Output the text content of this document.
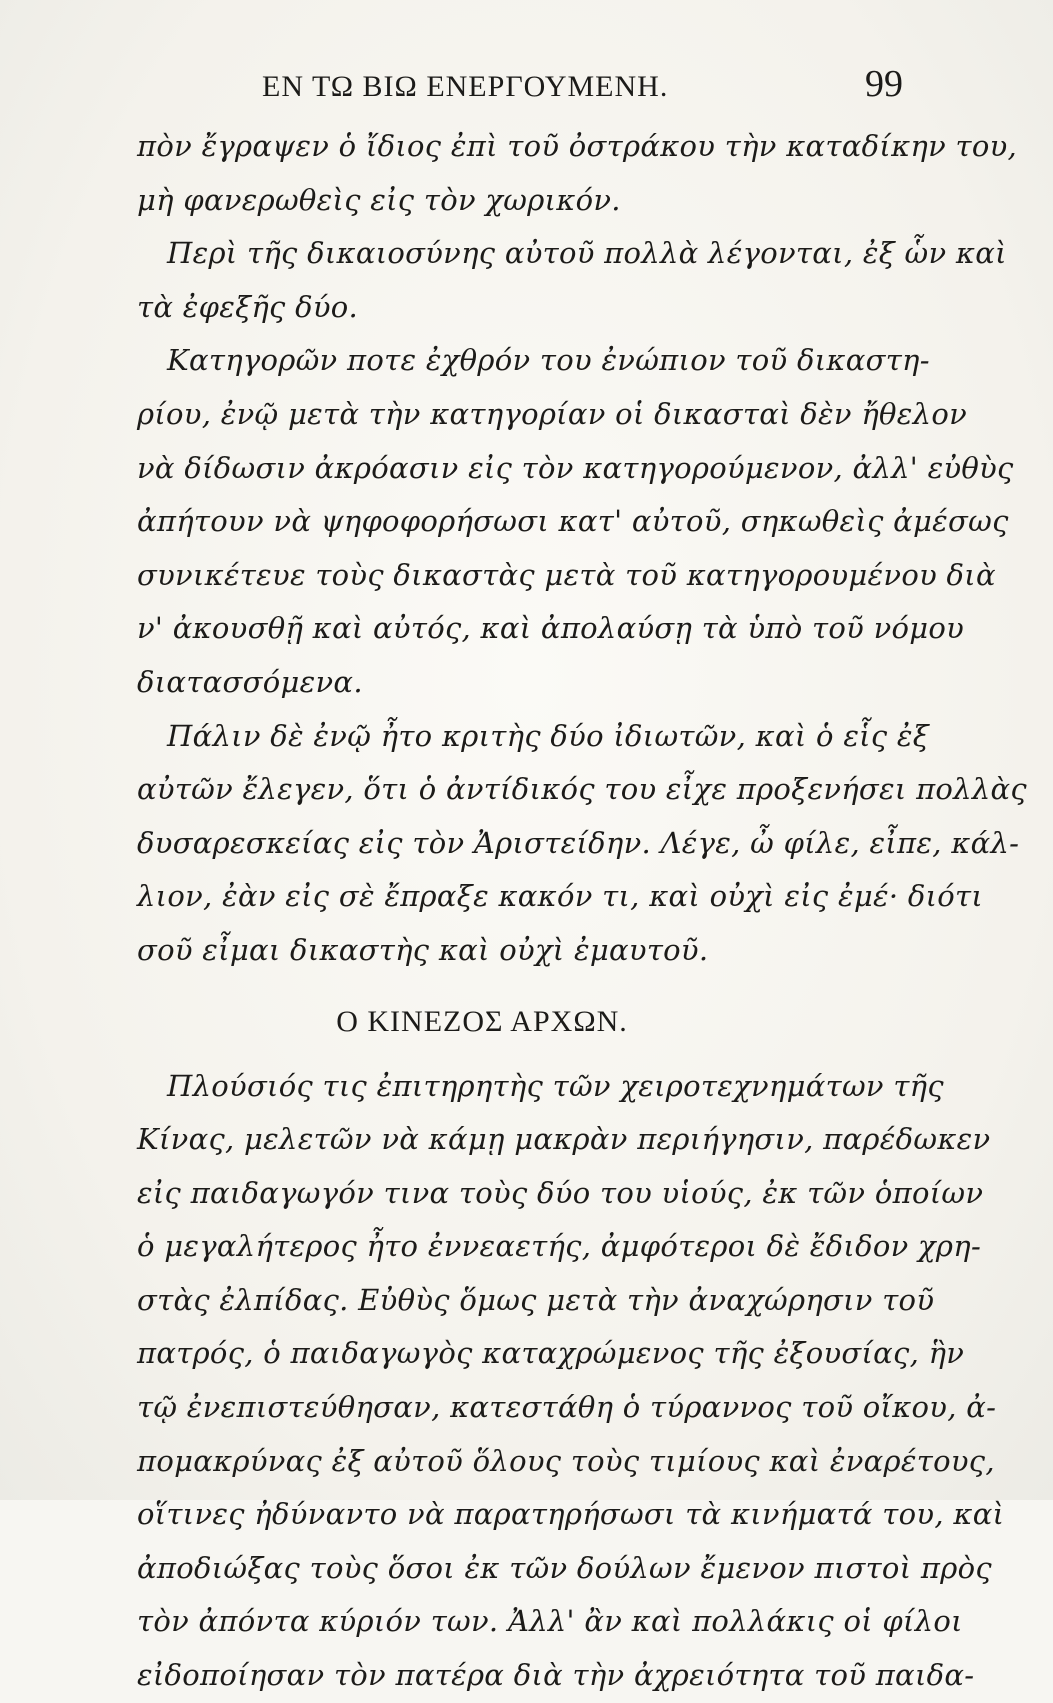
ΕΝ ΤΩ ΒΙΩ ΕΝΕΡΓΟΥΜΕΝΗ.	99
πὸν ἔγραψεν ὁ ἴδιος ἐπὶ τοῦ ὀστράκου τὴν καταδίκην του,
μὴ φανερωθεὶς εἰς τὸν χωρικόν.
Περὶ τῆς δικαιοσύνης αὐτοῦ πολλὰ λέγονται, ἐξ ὧν καὶ
τὰ ἐφεξῆς δύο.
Κατηγορῶν ποτε ἐχθρόν του ἐνώπιον τοῦ δικαστη-
ρίου, ἐνῷ μετὰ τὴν κατηγορίαν οἱ δικασταὶ δὲν ἤθελον
νὰ δίδωσιν ἀκρόασιν εἰς τὸν κατηγορούμενον, ἀλλ' εὐθὺς
ἀπήτουν νὰ ψηφοφορήσωσι κατ' αὐτοῦ, σηκωθεὶς ἀμέσως
συνικέτευε τοὺς δικαστὰς μετὰ τοῦ κατηγορουμένου διὰ
ν' ἀκουσθῇ καὶ αὐτός, καὶ ἀπολαύσῃ τὰ ὑπὸ τοῦ νόμου
διατασσόμενα.
Πάλιν δὲ ἐνῷ ἦτο κριτὴς δύο ἰδιωτῶν, καὶ ὁ εἷς ἐξ
αὐτῶν ἔλεγεν, ὅτι ὁ ἀντίδικός του εἶχε προξενήσει πολλὰς
δυσαρεσκείας εἰς τὸν Ἀριστείδην. Λέγε, ὦ φίλε, εἶπε, κάλ-
λιον, ἐὰν εἰς σὲ ἔπραξε κακόν τι, καὶ οὐχὶ εἰς ἐμέ· διότι
σοῦ εἶμαι δικαστὴς καὶ οὐχὶ ἐμαυτοῦ.
Ο ΚΙΝΕΖΟΣ ΑΡΧΩΝ.
Πλούσιός τις ἐπιτηρητὴς τῶν χειροτεχνημάτων τῆς
Κίνας, μελετῶν νὰ κάμῃ μακρὰν περιήγησιν, παρέδωκεν
εἰς παιδαγωγόν τινα τοὺς δύο του υἱούς, ἐκ τῶν ὁποίων
ὁ μεγαλήτερος ἦτο ἐννεαετής, ἀμφότεροι δὲ ἔδιδον χρη-
στὰς ἐλπίδας. Εὐθὺς ὅμως μετὰ τὴν ἀναχώρησιν τοῦ
πατρός, ὁ παιδαγωγὸς καταχρώμενος τῆς ἐξουσίας, ἣν
τῷ ἐνεπιστεύθησαν, κατεστάθη ὁ τύραννος τοῦ οἴκου, ἀ-
πομακρύνας ἐξ αὐτοῦ ὅλους τοὺς τιμίους καὶ ἐναρέτους,
οἵτινες ἠδύναντο νὰ παρατηρήσωσι τὰ κινήματά του, καὶ
ἀποδιώξας τοὺς ὅσοι ἐκ τῶν δούλων ἔμενον πιστοὶ πρὸς
τὸν ἀπόντα κύριόν των. Ἀλλ' ἂν καὶ πολλάκις οἱ φίλοι
εἰδοποίησαν τὸν πατέρα διὰ τὴν ἀχρειότητα τοῦ παιδα-
